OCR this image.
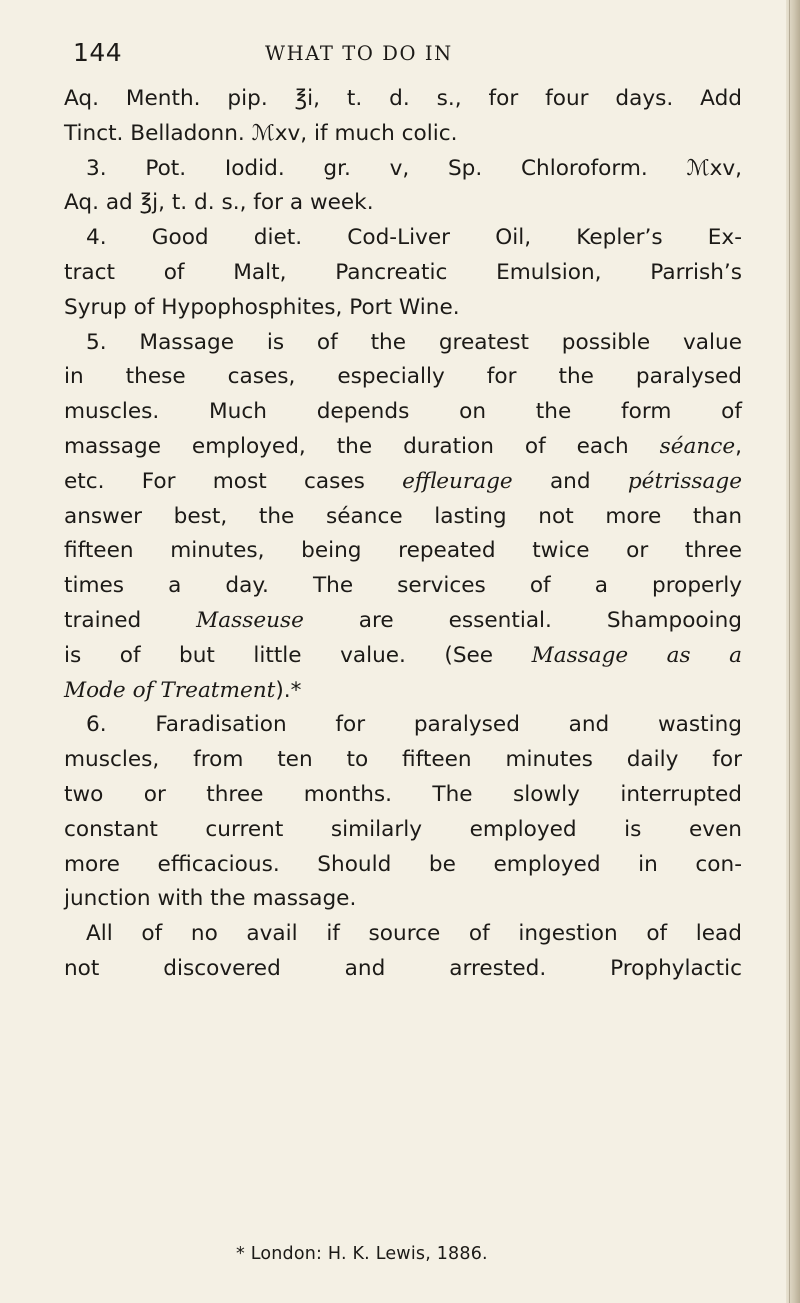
144	WHAT TO DO IN
Aq. Menth. pip. ℥i, t. d. s., for four days. Add
Tinct. Belladonn. ℳxv, if much colic.
3. Pot. Iodid. gr. v, Sp. Chloroform. ℳxv,
Aq. ad ℥j, t. d. s., for a week.
4. Good diet. Cod-Liver Oil, Kepler’s Ex-
tract of Malt, Pancreatic Emulsion, Parrish’s
Syrup of Hypophosphites, Port Wine.
5. Massage is of the greatest possible value
in these cases, especially for the paralysed
muscles. Much depends on the form of
massage employed, the duration of each séance,
etc. For most cases effleurage and pétrissage
answer best, the séance lasting not more than
fifteen minutes, being repeated twice or three
times a day. The services of a properly
trained Masseuse are essential. Shampooing
is of but little value. (See Massage as a
Mode of Treatment).*
6. Faradisation for paralysed and wasting
muscles, from ten to fifteen minutes daily for
two or three months. The slowly interrupted
constant current similarly employed is even
more efficacious. Should be employed in con-
junction with the massage.
All of no avail if source of ingestion of lead
not discovered and arrested. Prophylactic
* London: H. K. Lewis, 1886.
